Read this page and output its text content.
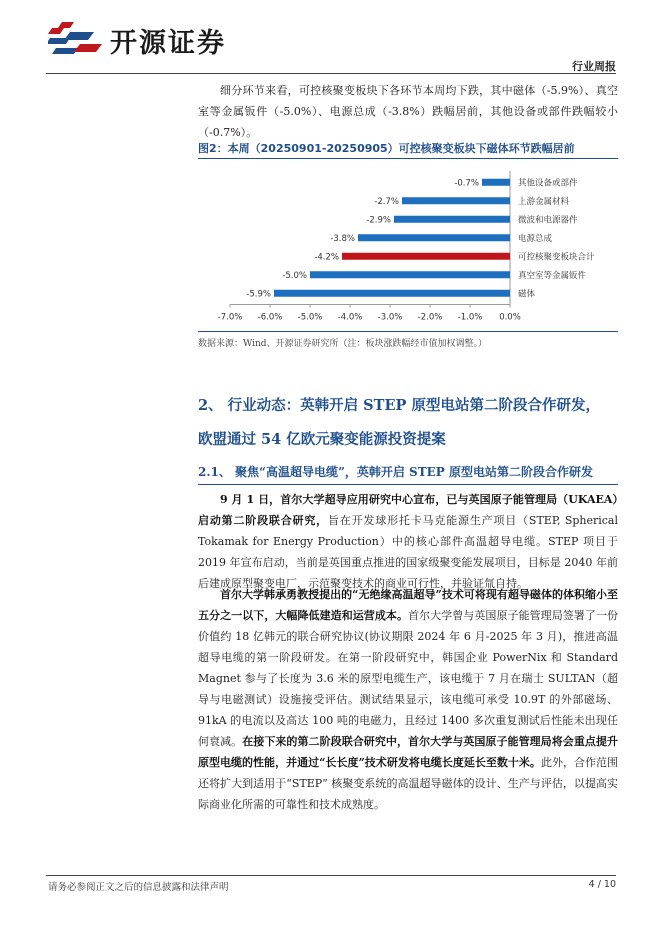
开源证券
行业周报

细分环节来看，可控核聚变板块下各环节本周均下跌，其中磁体（-5.9%）、真空室等金属钣件（-5.0%）、电源总成（-3.8%）跌幅居前，其他设备或部件跌幅较小（-0.7%）。

图2：本周（20250901-20250905）可控核聚变板块下磁体环节跌幅居前
-0.7%	其他设备或部件
-2.7%	上游金属材料
-2.9%	微波和电源器件
-3.8%	电源总成
-4.2%	可控核聚变板块合计
-5.0%	真空室等金属钣件
-5.9%	磁体
-7.0% -6.0% -5.0% -4.0% -3.0% -2.0% -1.0% 0.0%
数据来源：Wind、开源证券研究所（注：板块涨跌幅经市值加权调整。）
2、 行业动态：英韩开启 STEP 原型电站第二阶段合作研发，
欧盟通过 54 亿欧元聚变能源投资提案
2.1、 聚焦“高温超导电缆”，英韩开启 STEP 原型电站第二阶段合作研发

9 月 1 日，首尔大学超导应用研究中心宣布，已与英国原子能管理局（UKAEA）启动第二阶段联合研究，旨在开发球形托卡马克能源生产项目（STEP, Spherical Tokamak for Energy Production）中的核心部件高温超导电缆。STEP 项目于 2019 年宣布启动，当前是英国重点推进的国家级聚变能发展项目，目标是 2040 年前后建成原型聚变电厂，示范聚变技术的商业可行性，并验证氚自持。

首尔大学韩承勇教授提出的“无绝缘高温超导”技术可将现有超导磁体的体积缩小至五分之一以下，大幅降低建造和运营成本。首尔大学曾与英国原子能管理局签署了一份价值约 18 亿韩元的联合研究协议(协议期限 2024 年 6 月-2025 年 3 月)，推进高温超导电缆的第一阶段研发。在第一阶段研究中，韩国企业 PowerNix 和 Standard Magnet 参与了长度为 3.6 米的原型电缆生产，该电缆于 7 月在瑞士 SULTAN（超导与电磁测试）设施接受评估。测试结果显示，该电缆可承受 10.9T 的外部磁场、91kA 的电流以及高达 100 吨的电磁力，且经过 1400 多次重复测试后性能未出现任何衰减。在接下来的第二阶段联合研究中，首尔大学与英国原子能管理局将会重点提升原型电缆的性能，并通过“长长度”技术研发将电缆长度延长至数十米。此外，合作范围还将扩大到适用于“STEP” 核聚变系统的高温超导磁体的设计、生产与评估，以提高实际商业化所需的可靠性和技术成熟度。

请务必参阅正文之后的信息披露和法律声明	4 / 10
